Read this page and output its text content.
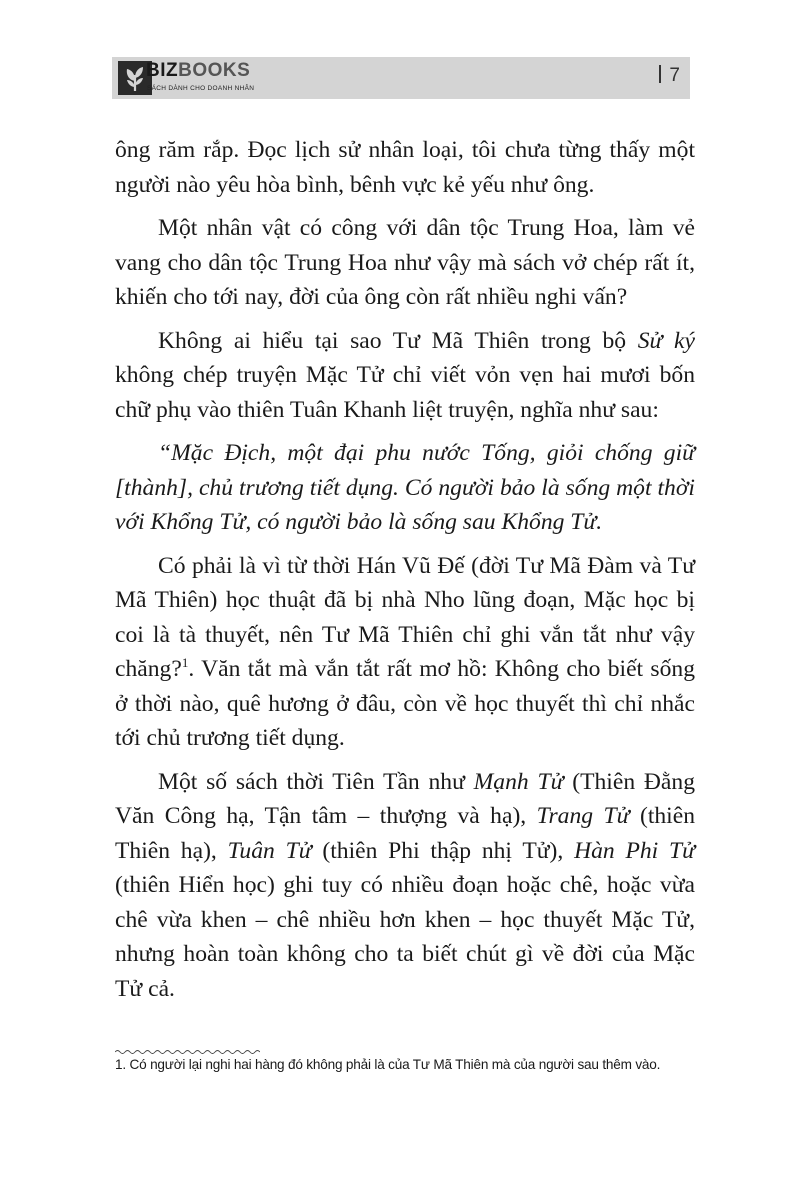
BIZBOOKS
SÁCH DÀNH CHO DOANH NHÂN
7

ông răm rắp. Đọc lịch sử nhân loại, tôi chưa từng thấy một người nào yêu hòa bình, bênh vực kẻ yếu như ông.

Một nhân vật có công với dân tộc Trung Hoa, làm vẻ vang cho dân tộc Trung Hoa như vậy mà sách vở chép rất ít, khiến cho tới nay, đời của ông còn rất nhiều nghi vấn?

Không ai hiểu tại sao Tư Mã Thiên trong bộ Sử ký không chép truyện Mặc Tử chỉ viết vỏn vẹn hai mươi bốn chữ phụ vào thiên Tuân Khanh liệt truyện, nghĩa như sau:

“Mặc Địch, một đại phu nước Tống, giỏi chống giữ [thành], chủ trương tiết dụng. Có người bảo là sống một thời với Khổng Tử, có người bảo là sống sau Khổng Tử.

Có phải là vì từ thời Hán Vũ Đế (đời Tư Mã Đàm và Tư Mã Thiên) học thuật đã bị nhà Nho lũng đoạn, Mặc học bị coi là tà thuyết, nên Tư Mã Thiên chỉ ghi vắn tắt như vậy chăng?$^1$. Văn tắt mà vắn tắt rất mơ hồ: Không cho biết sống ở thời nào, quê hương ở đâu, còn về học thuyết thì chỉ nhắc tới chủ trương tiết dụng.

Một số sách thời Tiên Tần như Mạnh Tử (Thiên Đằng Văn Công hạ, Tận tâm – thượng và hạ), Trang Tử (thiên Thiên hạ), Tuân Tử (thiên Phi thập nhị Tử), Hàn Phi Tử (thiên Hiển học) ghi tuy có nhiều đoạn hoặc chê, hoặc vừa chê vừa khen – chê nhiều hơn khen – học thuyết Mặc Tử, nhưng hoàn toàn không cho ta biết chút gì về đời của Mặc Tử cả.

1. Có người lại nghi hai hàng đó không phải là của Tư Mã Thiên mà của người sau thêm vào.
